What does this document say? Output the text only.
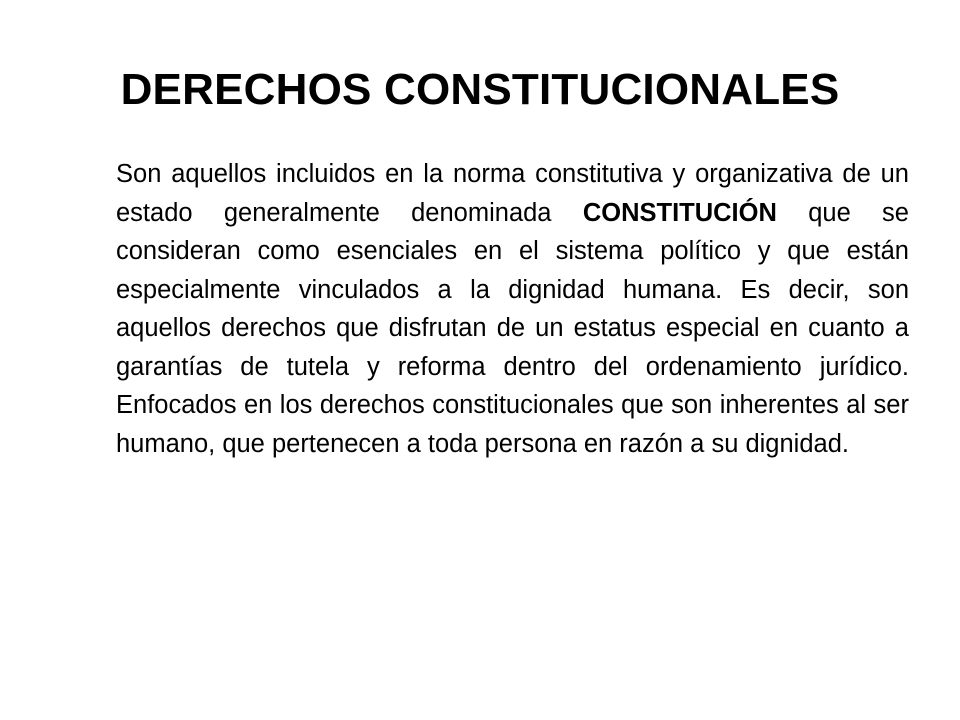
DERECHOS CONSTITUCIONALES

Son aquellos incluidos en la norma constitutiva y organizativa de un estado generalmente denominada CONSTITUCIÓN que se consideran como esenciales en el sistema político y que están especialmente vinculados a la dignidad humana. Es decir, son aquellos derechos que disfrutan de un estatus especial en cuanto a garantías de tutela y reforma dentro del ordenamiento jurídico. Enfocados en los derechos constitucionales que son inherentes al ser humano, que pertenecen a toda persona en razón a su dignidad.
